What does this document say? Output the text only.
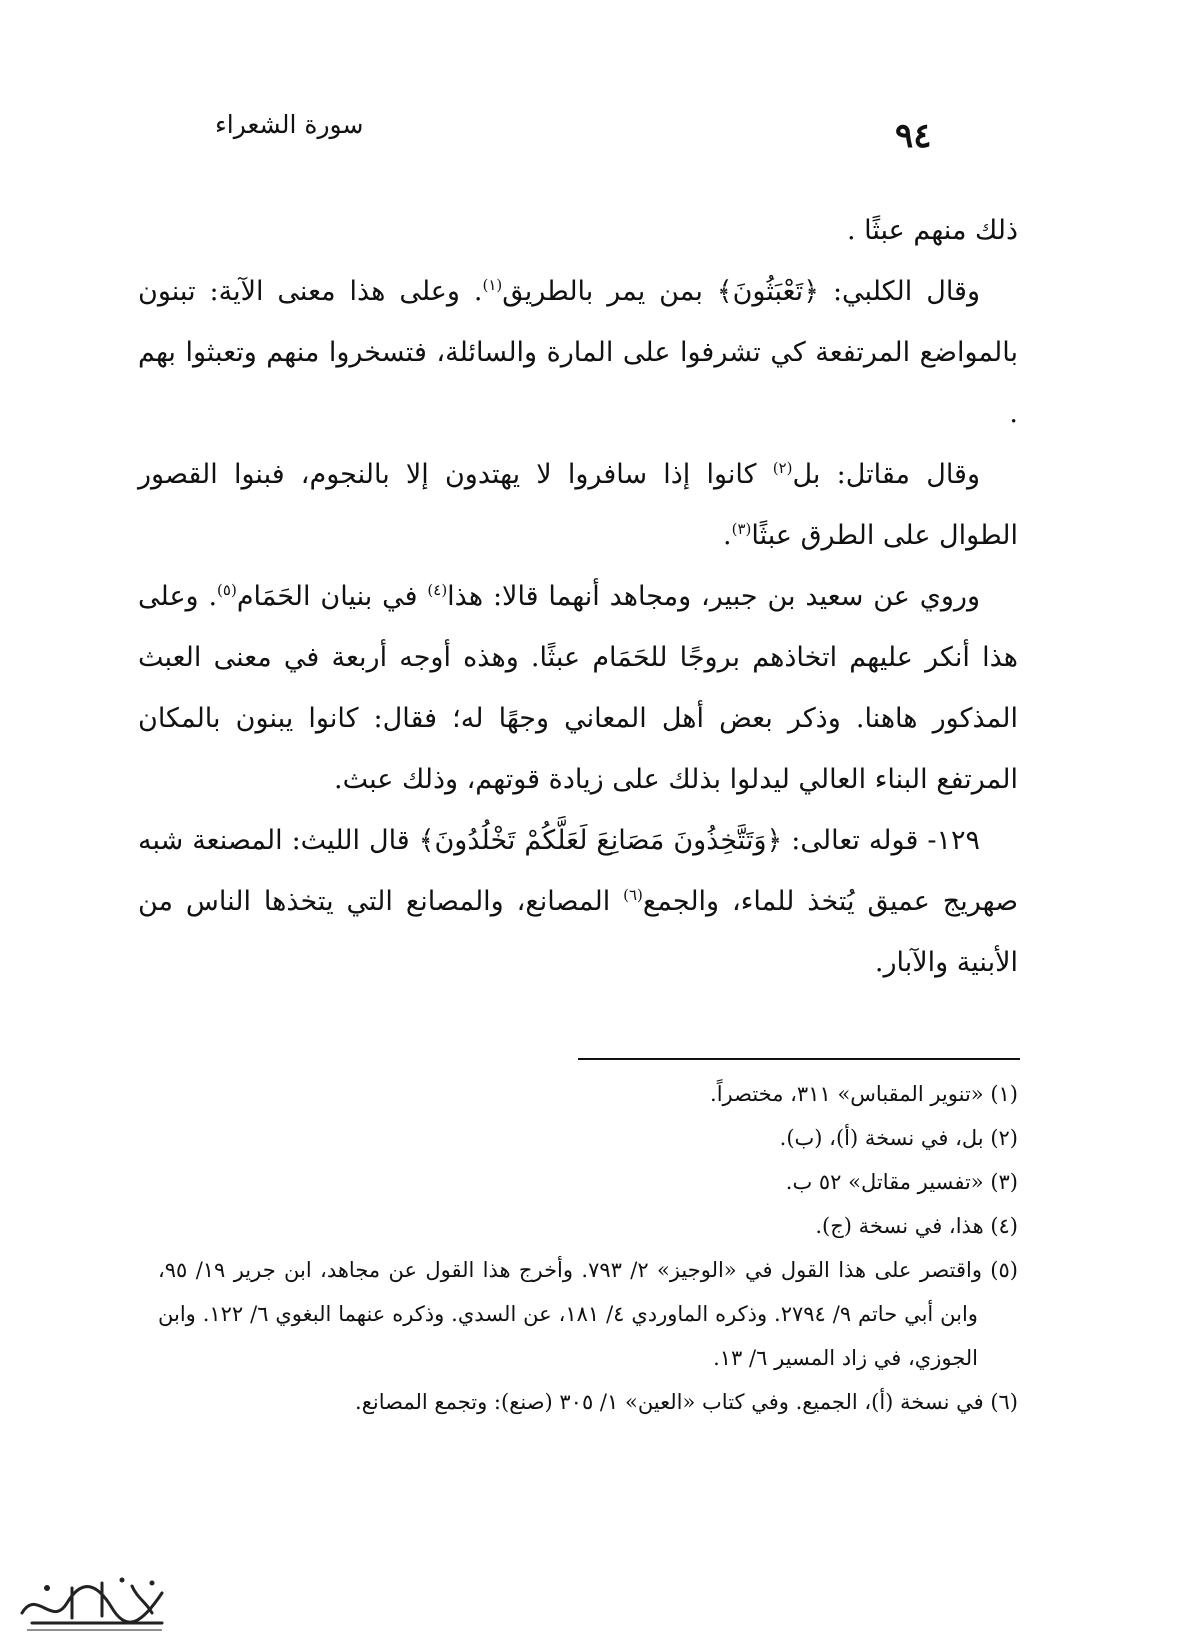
٩٤
سورة الشعراء

ذلك منهم عبثًا .

وقال الكلبي: ﴿تَعْبَثُونَ﴾ بمن يمر بالطريق$^{(١)}$. وعلى هذا معنى الآية: تبنون بالمواضع المرتفعة كي تشرفوا على المارة والسائلة، فتسخروا منهم وتعبثوا بهم .

وقال مقاتل: بل$^{(٢)}$ كانوا إذا سافروا لا يهتدون إلا بالنجوم، فبنوا القصور الطوال على الطرق عبثًا$^{(٣)}$.

وروي عن سعيد بن جبير، ومجاهد أنهما قالا: هذا$^{(٤)}$ في بنيان الحَمَام$^{(٥)}$. وعلى هذا أنكر عليهم اتخاذهم بروجًا للحَمَام عبثًا. وهذه أوجه أربعة في معنى العبث المذكور هاهنا. وذكر بعض أهل المعاني وجهًا له؛ فقال: كانوا يبنون بالمكان المرتفع البناء العالي ليدلوا بذلك على زيادة قوتهم، وذلك عبث.

١٢٩- قوله تعالى: ﴿وَتَتَّخِذُونَ مَصَانِعَ لَعَلَّكُمْ تَخْلُدُونَ﴾ قال الليث: المصنعة شبه صهريج عميق يُتخذ للماء، والجمع$^{(٦)}$ المصانع، والمصانع التي يتخذها الناس من الأبنية والآبار.

(١) «تنوير المقباس» ٣١١، مختصراً.

(٢) بل، في نسخة (أ)، (ب).

(٣) «تفسير مقاتل» ٥٢ ب.

(٤) هذا، في نسخة (ج).

(٥) واقتصر على هذا القول في «الوجيز» ٢/ ٧٩٣. وأخرج هذا القول عن مجاهد، ابن جرير ١٩/ ٩٥، وابن أبي حاتم ٩/ ٢٧٩٤. وذكره الماوردي ٤/ ١٨١، عن السدي. وذكره عنهما البغوي ٦/ ١٢٢. وابن الجوزي، في زاد المسير ٦/ ١٣.

(٦) في نسخة (أ)، الجميع. وفي كتاب «العين» ١/ ٣٠٥ (صنع): وتجمع المصانع.
